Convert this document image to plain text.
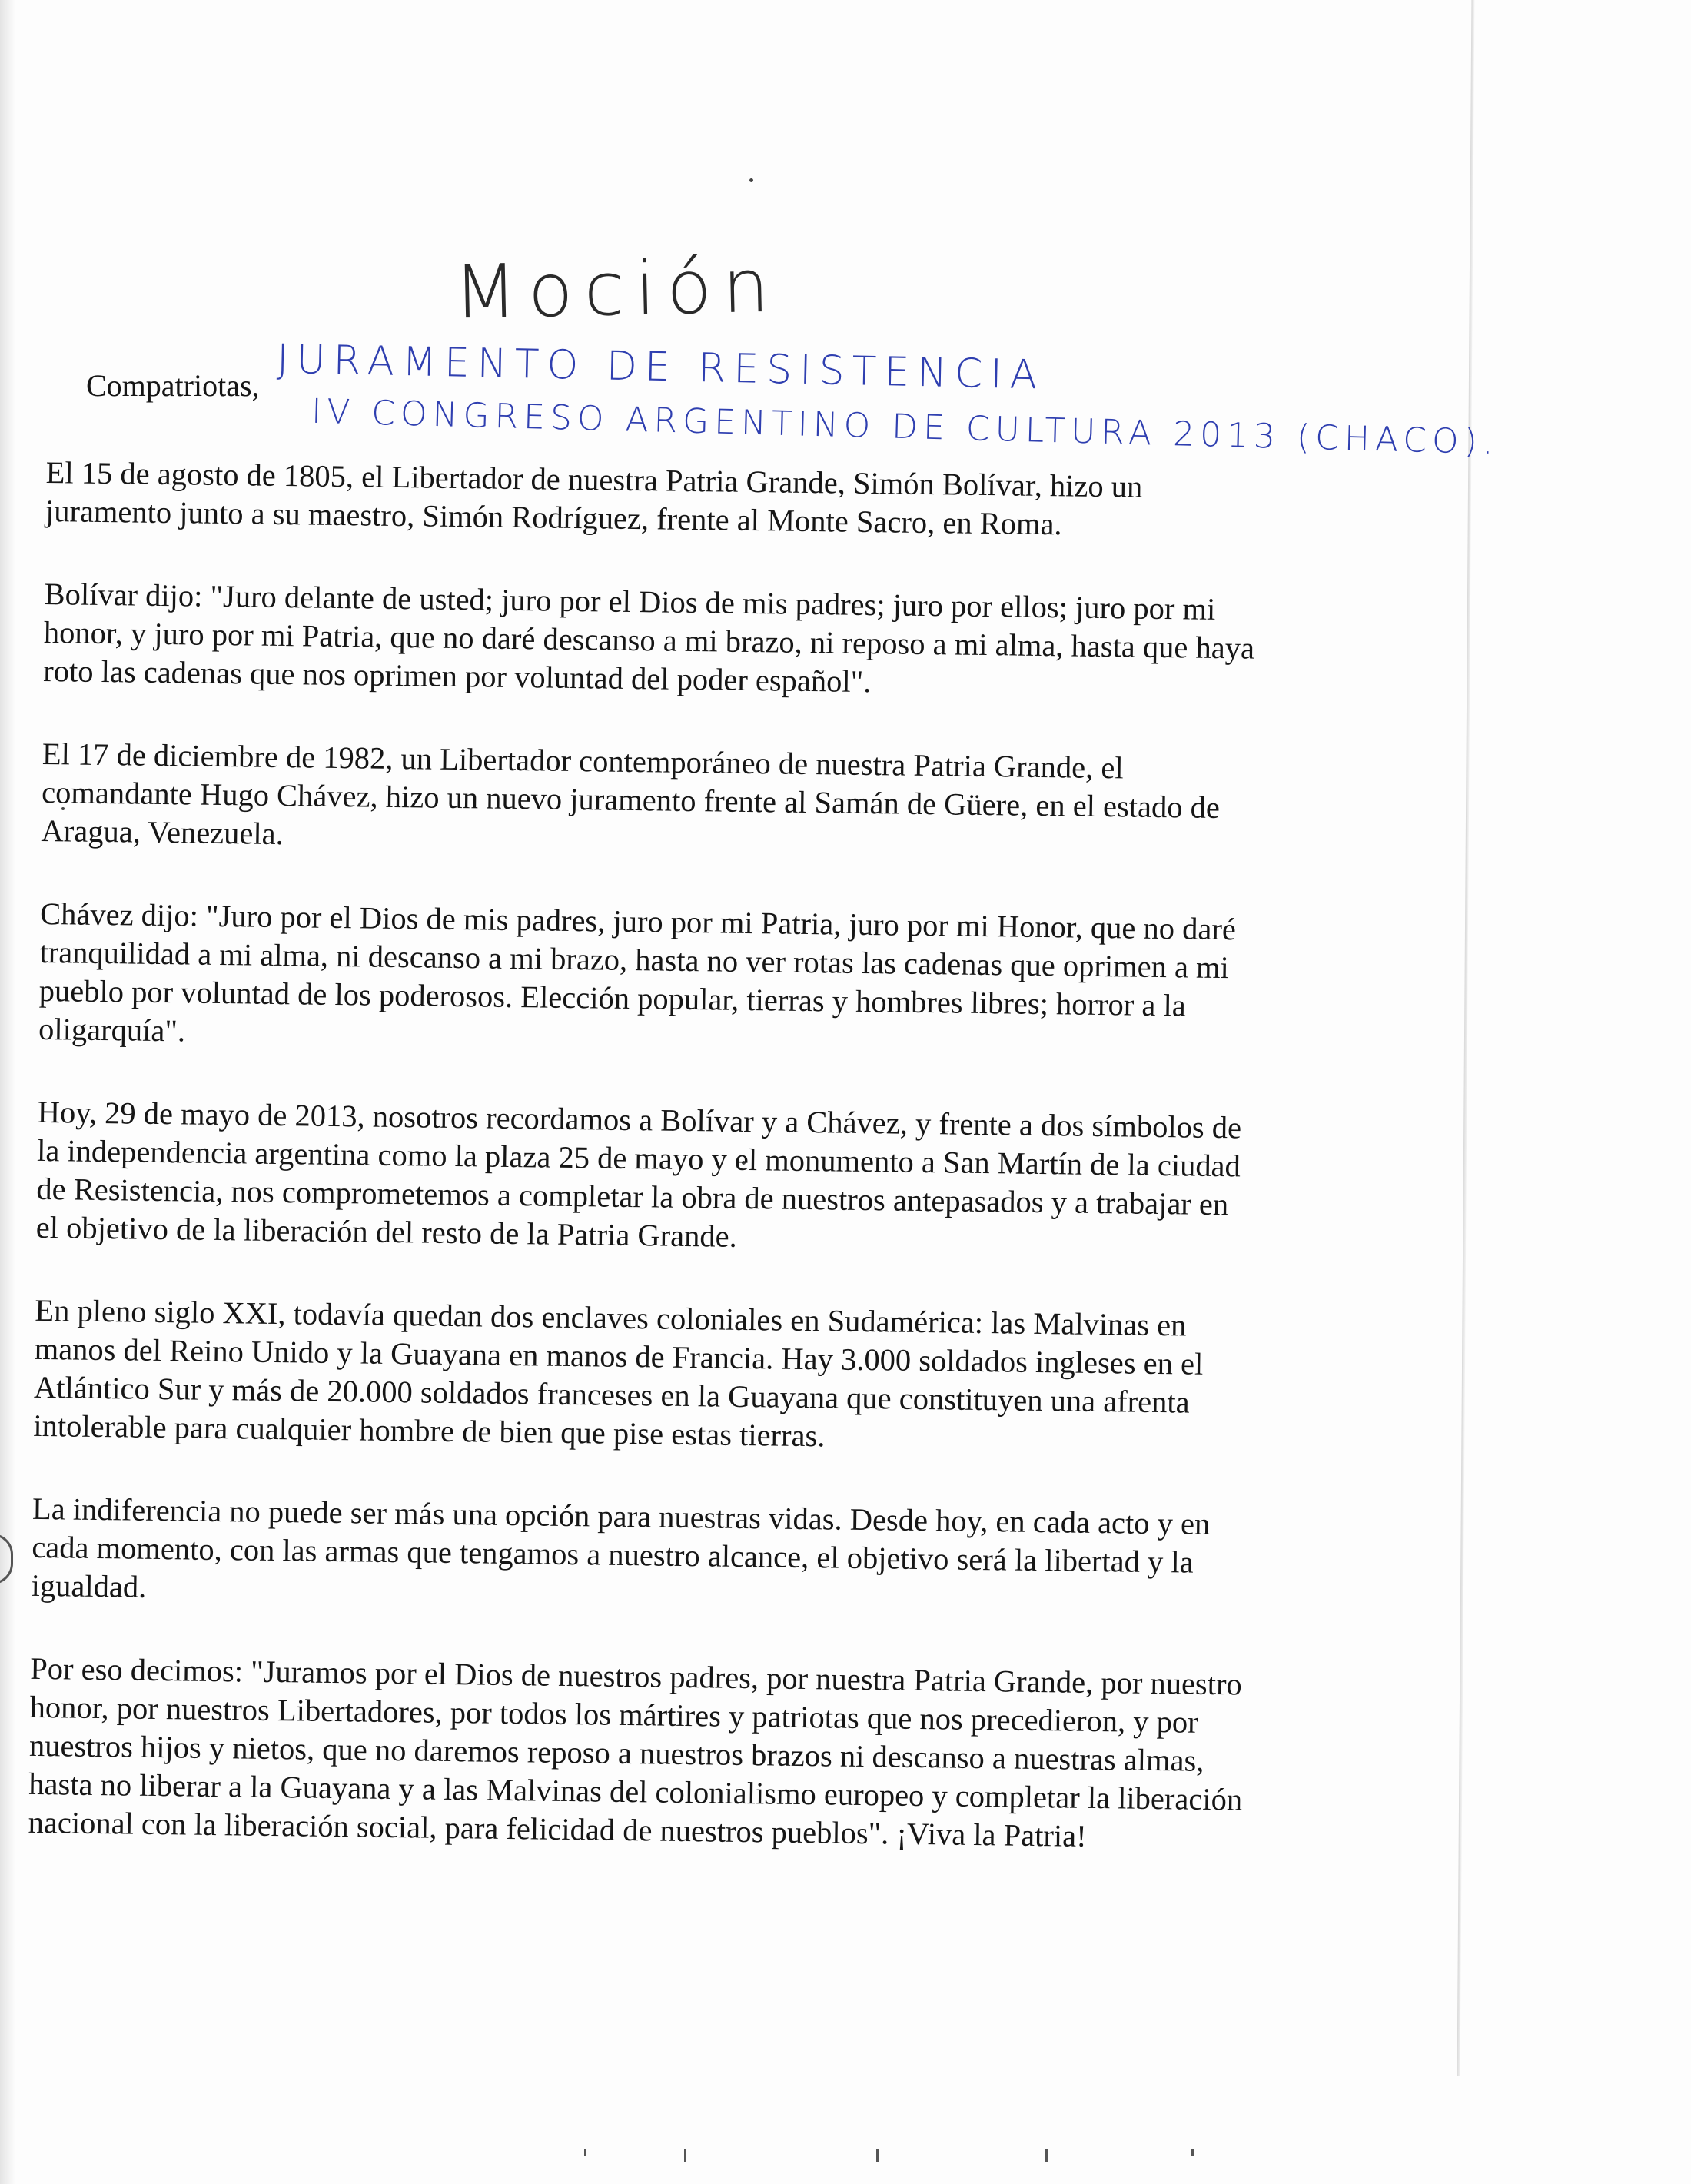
Moción
Compatriotas, JURAMENTO DE RESISTENCIA
IV CONGRESO ARGENTINO DE CULTURA 2013 (CHACO).

El 15 de agosto de 1805, el Libertador de nuestra Patria Grande, Simón Bolívar, hizo un juramento junto a su maestro, Simón Rodríguez, frente al Monte Sacro, en Roma.

Bolívar dijo: "Juro delante de usted; juro por el Dios de mis padres; juro por ellos; juro por mi honor, y juro por mi Patria, que no daré descanso a mi brazo, ni reposo a mi alma, hasta que haya roto las cadenas que nos oprimen por voluntad del poder español".

El 17 de diciembre de 1982, un Libertador contemporáneo de nuestra Patria Grande, el comandante Hugo Chávez, hizo un nuevo juramento frente al Samán de Güere, en el estado de Aragua, Venezuela.

Chávez dijo: "Juro por el Dios de mis padres, juro por mi Patria, juro por mi Honor, que no daré tranquilidad a mi alma, ni descanso a mi brazo, hasta no ver rotas las cadenas que oprimen a mi pueblo por voluntad de los poderosos. Elección popular, tierras y hombres libres; horror a la oligarquía".

Hoy, 29 de mayo de 2013, nosotros recordamos a Bolívar y a Chávez, y frente a dos símbolos de la independencia argentina como la plaza 25 de mayo y el monumento a San Martín de la ciudad de Resistencia, nos comprometemos a completar la obra de nuestros antepasados y a trabajar en el objetivo de la liberación del resto de la Patria Grande.

En pleno siglo XXI, todavía quedan dos enclaves coloniales en Sudamérica: las Malvinas en manos del Reino Unido y la Guayana en manos de Francia. Hay 3.000 soldados ingleses en el Atlántico Sur y más de 20.000 soldados franceses en la Guayana que constituyen una afrenta intolerable para cualquier hombre de bien que pise estas tierras.

La indiferencia no puede ser más una opción para nuestras vidas. Desde hoy, en cada acto y en cada momento, con las armas que tengamos a nuestro alcance, el objetivo será la libertad y la igualdad.

Por eso decimos: "Juramos por el Dios de nuestros padres, por nuestra Patria Grande, por nuestro honor, por nuestros Libertadores, por todos los mártires y patriotas que nos precedieron, y por nuestros hijos y nietos, que no daremos reposo a nuestros brazos ni descanso a nuestras almas, hasta no liberar a la Guayana y a las Malvinas del colonialismo europeo y completar la liberación nacional con la liberación social, para felicidad de nuestros pueblos". ¡Viva la Patria!
